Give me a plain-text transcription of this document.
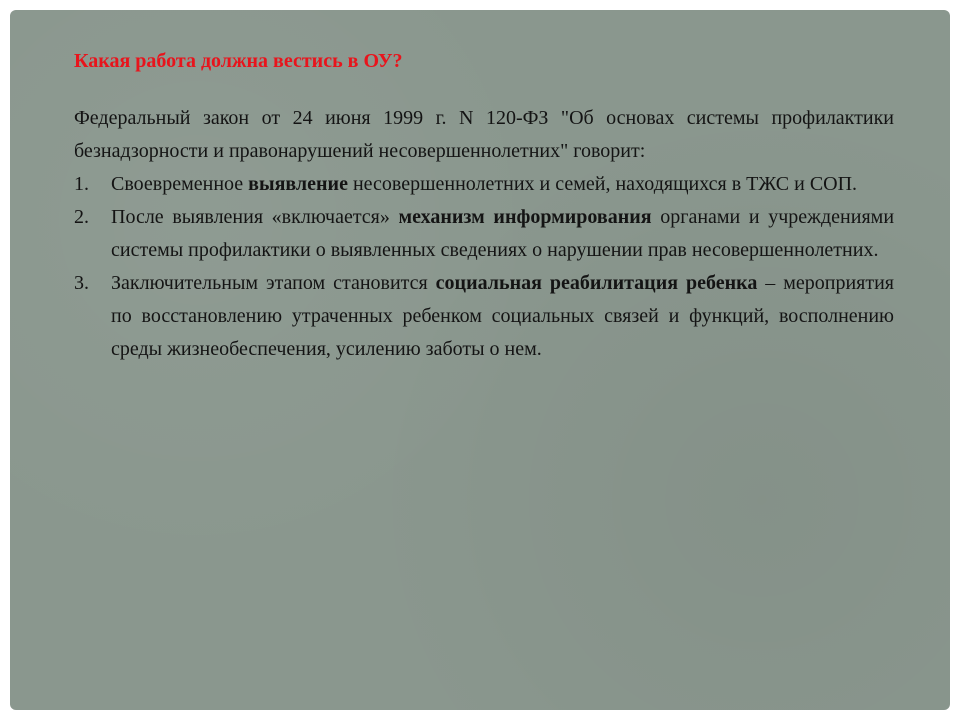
Какая работа должна вестись в ОУ?

Федеральный закон от 24 июня 1999 г. N 120-ФЗ "Об основах системы профилактики безнадзорности и правонарушений несовершеннолетних" говорит:

1. Своевременное выявление несовершеннолетних и семей, находящихся в ТЖС и СОП.
2. После выявления «включается» механизм информирования органами и учреждениями системы профилактики о выявленных сведениях о нарушении прав несовершеннолетних.
3. Заключительным этапом становится социальная реабилитация ребенка – мероприятия по восстановлению утраченных ребенком социальных связей и функций, восполнению среды жизнеобеспечения, усилению заботы о нем.
